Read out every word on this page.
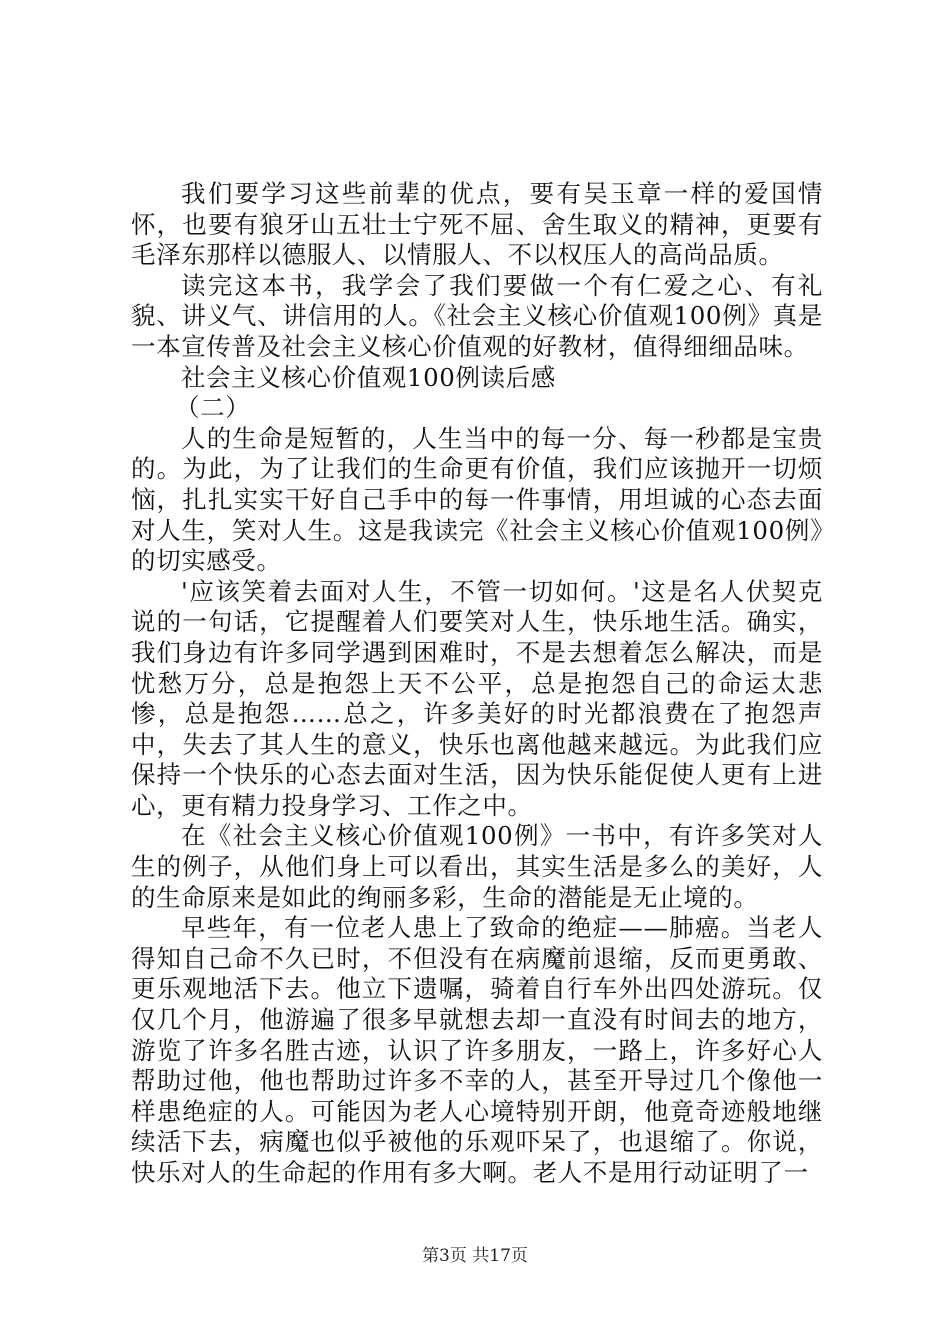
我们要学习这些前辈的优点，要有吴玉章一样的爱国情怀，也要有狼牙山五壮士宁死不屈、舍生取义的精神，更要有毛泽东那样以德服人、以情服人、不以权压人的高尚品质。

读完这本书，我学会了我们要做一个有仁爱之心、有礼貌、讲义气、讲信用的人。《社会主义核心价值观100例》真是一本宣传普及社会主义核心价值观的好教材，值得细细品味。

社会主义核心价值观100例读后感

（二）

人的生命是短暂的，人生当中的每一分、每一秒都是宝贵的。为此，为了让我们的生命更有价值，我们应该抛开一切烦恼，扎扎实实干好自己手中的每一件事情，用坦诚的心态去面对人生，笑对人生。这是我读完《社会主义核心价值观100例》的切实感受。

'应该笑着去面对人生，不管一切如何。'这是名人伏契克说的一句话，它提醒着人们要笑对人生，快乐地生活。确实，我们身边有许多同学遇到困难时，不是去想着怎么解决，而是忧愁万分，总是抱怨上天不公平，总是抱怨自己的命运太悲惨，总是抱怨……总之，许多美好的时光都浪费在了抱怨声中，失去了其人生的意义，快乐也离他越来越远。为此我们应保持一个快乐的心态去面对生活，因为快乐能促使人更有上进心，更有精力投身学习、工作之中。

在《社会主义核心价值观100例》一书中，有许多笑对人生的例子，从他们身上可以看出，其实生活是多么的美好，人的生命原来是如此的绚丽多彩，生命的潜能是无止境的。

早些年，有一位老人患上了致命的绝症——肺癌。当老人得知自己命不久已时，不但没有在病魔前退缩，反而更勇敢、更乐观地活下去。他立下遗嘱，骑着自行车外出四处游玩。仅仅几个月，他游遍了很多早就想去却一直没有时间去的地方，游览了许多名胜古迹，认识了许多朋友，一路上，许多好心人帮助过他，他也帮助过许多不幸的人，甚至开导过几个像他一样患绝症的人。可能因为老人心境特别开朗，他竟奇迹般地继续活下去，病魔也似乎被他的乐观吓呆了，也退缩了。你说，快乐对人的生命起的作用有多大啊。老人不是用行动证明了一

第3页 共17页
